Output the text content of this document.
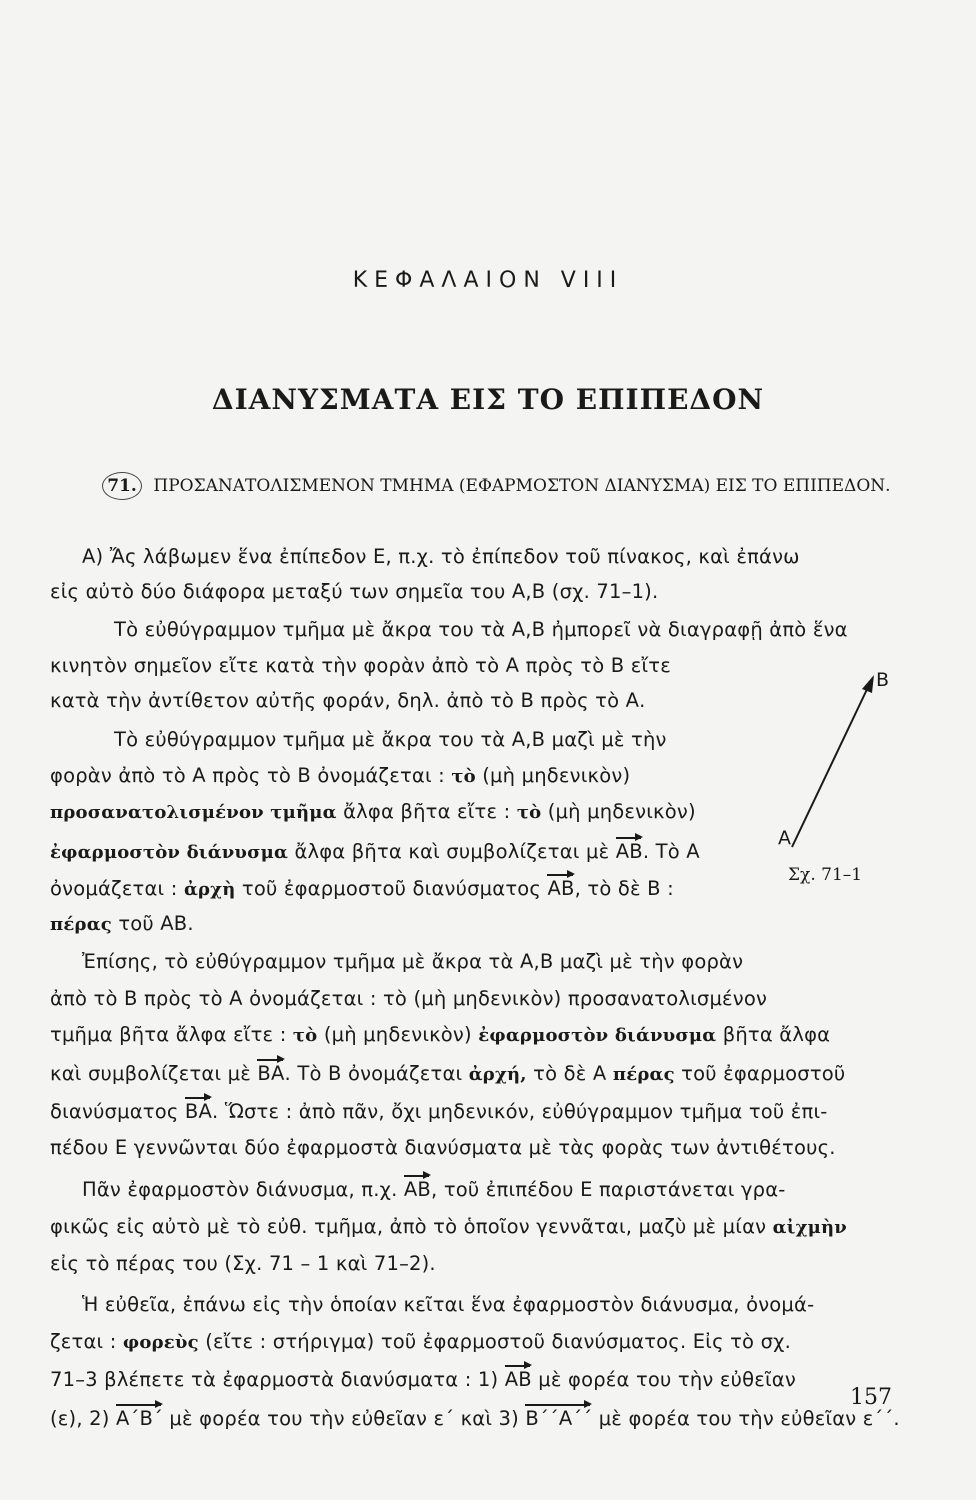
ΚΕΦΑΛΑΙΟΝ VIII
ΔΙΑΝΥΣΜΑΤΑ ΕΙΣ ΤΟ ΕΠΙΠΕΔΟΝ
71. ΠΡΟΣΑΝΑΤΟΛΙΣΜΕΝΟΝ ΤΜΗΜΑ (ΕΦΑΡΜΟΣΤΟΝ ΔΙΑΝΥΣΜΑ) ΕΙΣ ΤΟ ΕΠΙΠΕΔΟΝ.
Α) Ἄς λάβωμεν ἕνα ἐπίπεδον Ε, π.χ. τὸ ἐπίπεδον τοῦ πίνακος, καὶ ἐπάνω
εἰς αὐτὸ δύο διάφορα μεταξύ των σημεῖα του Α,Β (σχ. 71–1).
Τὸ εὐθύγραμμον τμῆμα μὲ ἄκρα του τὰ Α,Β ἠμπορεῖ νὰ διαγραφῇ ἀπὸ ἕνα
κινητὸν σημεῖον εἴτε κατὰ τὴν φορὰν ἀπὸ τὸ Α πρὸς τὸ Β εἴτε
κατὰ τὴν ἀντίθετον αὐτῆς φοράν, δηλ. ἀπὸ τὸ Β πρὸς τὸ Α.
Τὸ εὐθύγραμμον τμῆμα μὲ ἄκρα του τὰ Α,Β μαζὶ μὲ τὴν
φορὰν ἀπὸ τὸ Α πρὸς τὸ Β ὀνομάζεται : τὸ (μὴ μηδενικὸν)
προσανατολισμένον τμῆμα ἄλφα βῆτα εἴτε : τὸ (μὴ μηδενικὸν)
ἐφαρμοστὸν διάνυσμα ἄλφα βῆτα καὶ συμβολίζεται μὲ ΑΒ. Τὸ Α
ὀνομάζεται : ἀρχὴ τοῦ ἐφαρμοστοῦ διανύσματος ΑΒ, τὸ δὲ Β :
πέρας τοῦ ΑΒ.
Β
Α
Σχ. 71–1
Ἐπίσης, τὸ εὐθύγραμμον τμῆμα μὲ ἄκρα τὰ Α,Β μαζὶ μὲ τὴν φορὰν
ἀπὸ τὸ Β πρὸς τὸ Α ὀνομάζεται : τὸ (μὴ μηδενικὸν) προσανατολισμένον
τμῆμα βῆτα ἄλφα εἴτε : τὸ (μὴ μηδενικὸν) ἐφαρμοστὸν διάνυσμα βῆτα ἄλφα
καὶ συμβολίζεται μὲ ΒΑ. Τὸ Β ὀνομάζεται ἀρχή, τὸ δὲ Α πέρας τοῦ ἐφαρμοστοῦ
διανύσματος ΒΑ. Ὥστε : ἀπὸ πᾶν, ὄχι μηδενικόν, εὐθύγραμμον τμῆμα τοῦ ἐπι-
πέδου Ε γεννῶνται δύο ἐφαρμοστὰ διανύσματα μὲ τὰς φορὰς των ἀντιθέτους.
Πᾶν ἐφαρμοστὸν διάνυσμα, π.χ. ΑΒ, τοῦ ἐπιπέδου Ε παριστάνεται γρα-
φικῶς εἰς αὐτὸ μὲ τὸ εὐθ. τμῆμα, ἀπὸ τὸ ὁποῖον γεννᾶται, μαζὺ μὲ μίαν αἰχμὴν
εἰς τὸ πέρας του (Σχ. 71 – 1 καὶ 71–2).
Ἡ εὐθεῖα, ἐπάνω εἰς τὴν ὁποίαν κεῖται ἕνα ἐφαρμοστὸν διάνυσμα, ὀνομά-
ζεται : φορεὺς (εἴτε : στήριγμα) τοῦ ἐφαρμοστοῦ διανύσματος. Εἰς τὸ σχ.
71–3 βλέπετε τὰ ἐφαρμοστὰ διανύσματα : 1) ΑΒ μὲ φορέα του τὴν εὐθεῖαν
(ε), 2) Α΄Β΄ μὲ φορέα του τὴν εὐθεῖαν ε΄ καὶ 3) Β΄΄Α΄΄ μὲ φορέα του τὴν εὐθεῖαν ε΄΄.
157
